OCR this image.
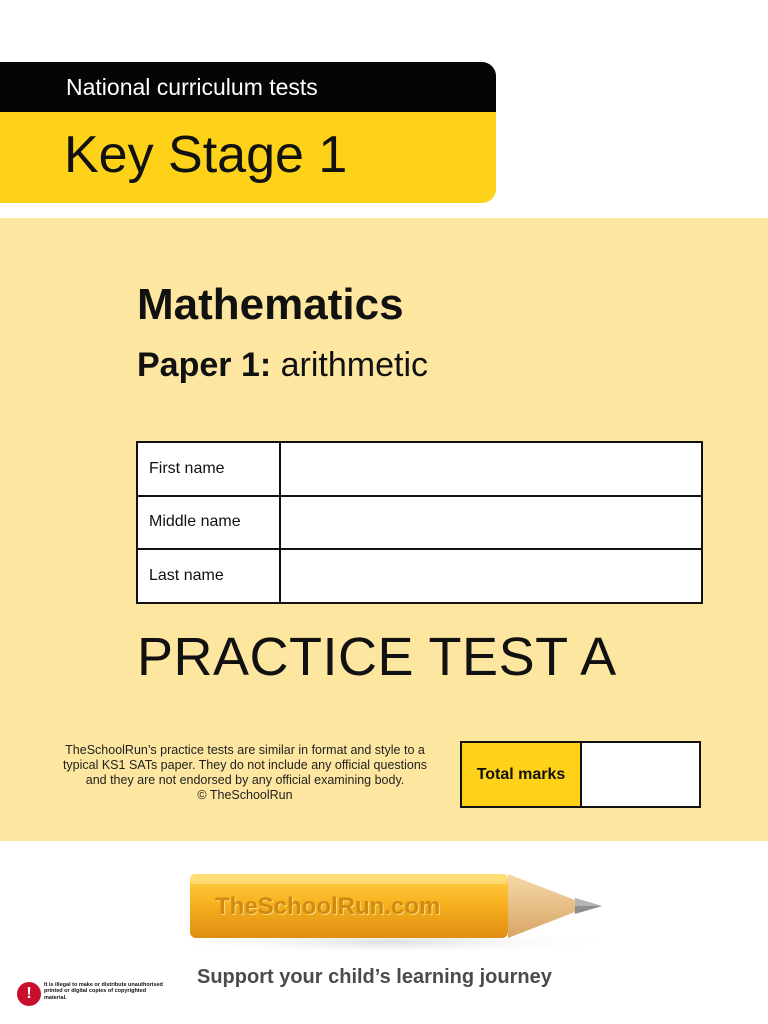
National curriculum tests
Key Stage 1
Mathematics
Paper 1: arithmetic
First name	
Middle name	
Last name	
PRACTICE TEST A
TheSchoolRun’s practice tests are similar in format and style to a
typical KS1 SATs paper. They do not include any official questions
and they are not endorsed by any official examining body.
© TheSchoolRun
Total marks
TheSchoolRun.com
Support your child’s learning journey
!	It is illegal to make or distribute unauthorised printed or digital copies of copyrighted material.
